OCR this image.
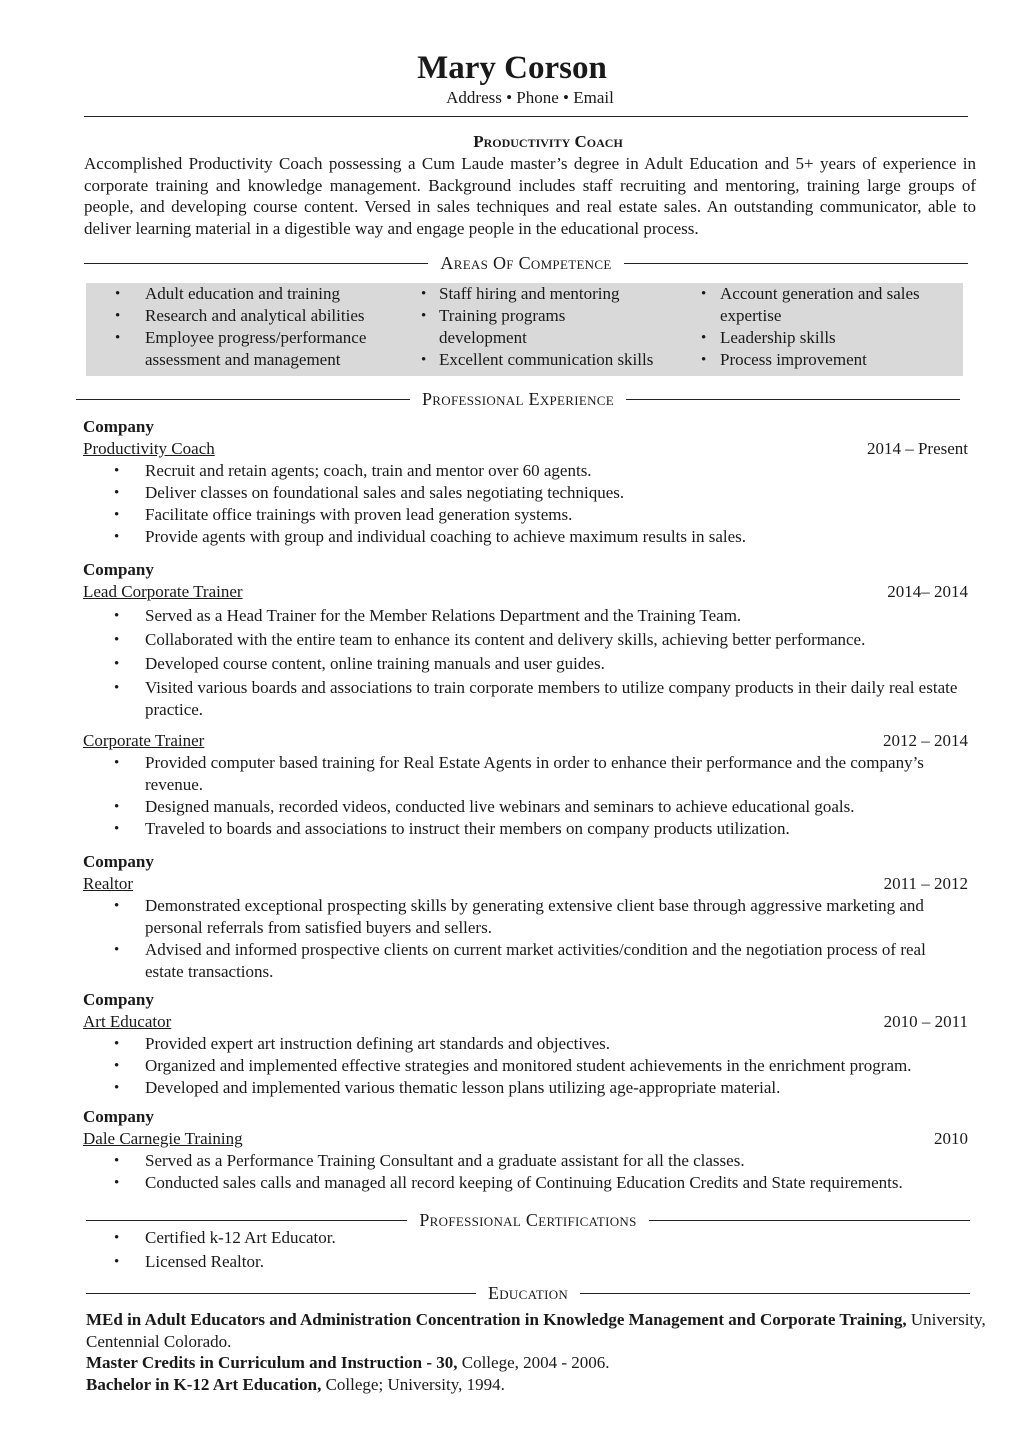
Mary Corson
Address • Phone • Email
Productivity Coach
Accomplished Productivity Coach possessing a Cum Laude master’s degree in Adult Education and 5+ years of experience in corporate training and knowledge management. Background includes staff recruiting and mentoring, training large groups of people, and developing course content. Versed in sales techniques and real estate sales. An outstanding communicator, able to deliver learning material in a digestible way and engage people in the educational process.
Areas Of Competence
• Adult education and training
• Research and analytical abilities
• Employee progress/performance assessment and management
• Staff hiring and mentoring
• Training programs development
• Excellent communication skills
• Account generation and sales expertise
• Leadership skills
• Process improvement
Professional Experience
Company
Productivity Coach	2014 – Present
• Recruit and retain agents; coach, train and mentor over 60 agents.
• Deliver classes on foundational sales and sales negotiating techniques.
• Facilitate office trainings with proven lead generation systems.
• Provide agents with group and individual coaching to achieve maximum results in sales.
Company
Lead Corporate Trainer	2014– 2014
• Served as a Head Trainer for the Member Relations Department and the Training Team.
• Collaborated with the entire team to enhance its content and delivery skills, achieving better performance.
• Developed course content, online training manuals and user guides.
• Visited various boards and associations to train corporate members to utilize company products in their daily real estate practice.
Corporate Trainer	2012 – 2014
• Provided computer based training for Real Estate Agents in order to enhance their performance and the company’s revenue.
• Designed manuals, recorded videos, conducted live webinars and seminars to achieve educational goals.
• Traveled to boards and associations to instruct their members on company products utilization.
Company
Realtor	2011 – 2012
• Demonstrated exceptional prospecting skills by generating extensive client base through aggressive marketing and personal referrals from satisfied buyers and sellers.
• Advised and informed prospective clients on current market activities/condition and the negotiation process of real estate transactions.
Company
Art Educator	2010 – 2011
• Provided expert art instruction defining art standards and objectives.
• Organized and implemented effective strategies and monitored student achievements in the enrichment program.
• Developed and implemented various thematic lesson plans utilizing age-appropriate material.
Company
Dale Carnegie Training	2010
• Served as a Performance Training Consultant and a graduate assistant for all the classes.
• Conducted sales calls and managed all record keeping of Continuing Education Credits and State requirements.
Professional Certifications
• Certified k-12 Art Educator.
• Licensed Realtor.
Education
MEd in Adult Educators and Administration Concentration in Knowledge Management and Corporate Training, University, Centennial Colorado.
Master Credits in Curriculum and Instruction - 30, College, 2004 - 2006.
Bachelor in K-12 Art Education, College; University, 1994.
